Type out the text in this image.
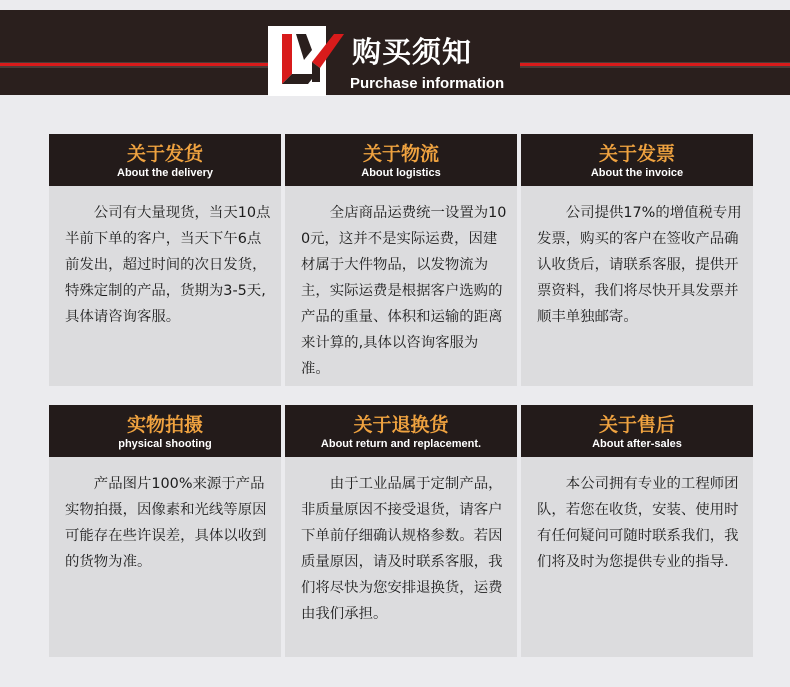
购买须知
Purchase information
关于发货
About the delivery
公司有大量现货，当天10点半前下单的客户，当天下午6点前发出，超过时间的次日发货，特殊定制的产品，货期为3-5天,具体请咨询客服。
关于物流
About logistics
全店商品运费统一设置为100元，这并不是实际运费，因建材属于大件物品，以发物流为主，实际运费是根据客户选购的产品的重量、体积和运输的距离来计算的,具体以咨询客服为准。
关于发票
About the invoice
公司提供17%的增值税专用发票，购买的客户在签收产品确认收货后，请联系客服，提供开票资料，我们将尽快开具发票并顺丰单独邮寄。
实物拍摄
physical shooting
产品图片100%来源于产品实物拍摄，因像素和光线等原因可能存在些许误差，具体以收到的货物为准。
关于退换货
About return and replacement.
由于工业品属于定制产品，非质量原因不接受退货，请客户下单前仔细确认规格参数。若因质量原因，请及时联系客服，我们将尽快为您安排退换货，运费由我们承担。
关于售后
About after-sales
本公司拥有专业的工程师团队，若您在收货，安装、使用时有任何疑问可随时联系我们，我们将及时为您提供专业的指导.
